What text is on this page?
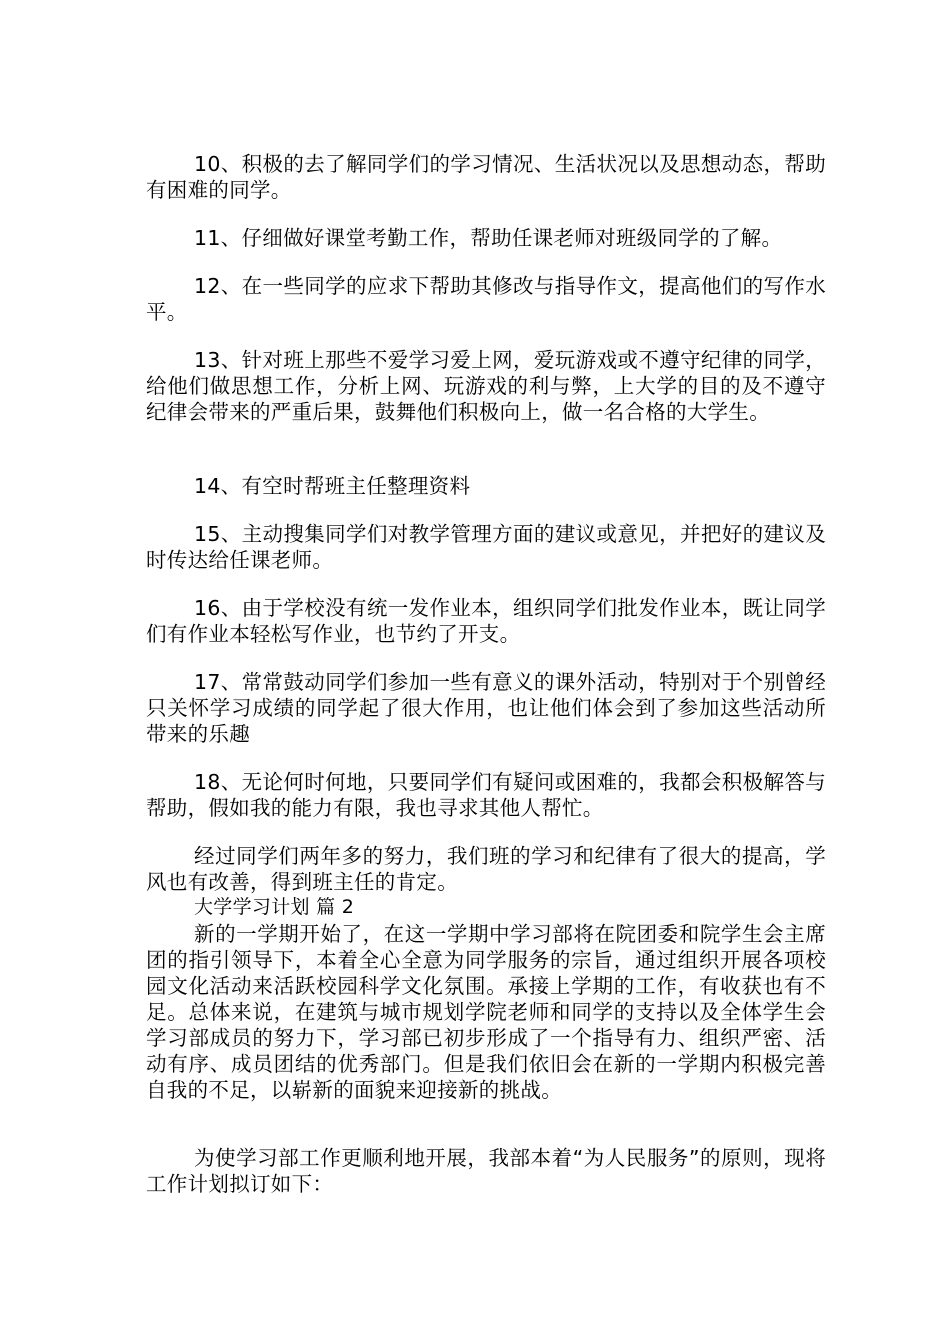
10、积极的去了解同学们的学习情况、生活状况以及思想动态，帮助有困难的同学。

11、仔细做好课堂考勤工作，帮助任课老师对班级同学的了解。

12、在一些同学的应求下帮助其修改与指导作文，提高他们的写作水平。

13、针对班上那些不爱学习爱上网，爱玩游戏或不遵守纪律的同学，给他们做思想工作，分析上网、玩游戏的利与弊，上大学的目的及不遵守纪律会带来的严重后果，鼓舞他们积极向上，做一名合格的大学生。

14、有空时帮班主任整理资料

15、主动搜集同学们对教学管理方面的建议或意见，并把好的建议及时传达给任课老师。

16、由于学校没有统一发作业本，组织同学们批发作业本，既让同学们有作业本轻松写作业，也节约了开支。

17、常常鼓动同学们参加一些有意义的课外活动，特别对于个别曾经只关怀学习成绩的同学起了很大作用，也让他们体会到了参加这些活动所带来的乐趣

18、无论何时何地，只要同学们有疑问或困难的，我都会积极解答与帮助，假如我的能力有限，我也寻求其他人帮忙。

经过同学们两年多的努力，我们班的学习和纪律有了很大的提高，学风也有改善，得到班主任的肯定。

大学学习计划 篇 2

新的一学期开始了，在这一学期中学习部将在院团委和院学生会主席团的指引领导下，本着全心全意为同学服务的宗旨，通过组织开展各项校园文化活动来活跃校园科学文化氛围。承接上学期的工作，有收获也有不足。总体来说，在建筑与城市规划学院老师和同学的支持以及全体学生会学习部成员的努力下，学习部已初步形成了一个指导有力、组织严密、活动有序、成员团结的优秀部门。但是我们依旧会在新的一学期内积极完善自我的不足，以崭新的面貌来迎接新的挑战。

为使学习部工作更顺利地开展，我部本着“为人民服务”的原则，现将工作计划拟订如下：
